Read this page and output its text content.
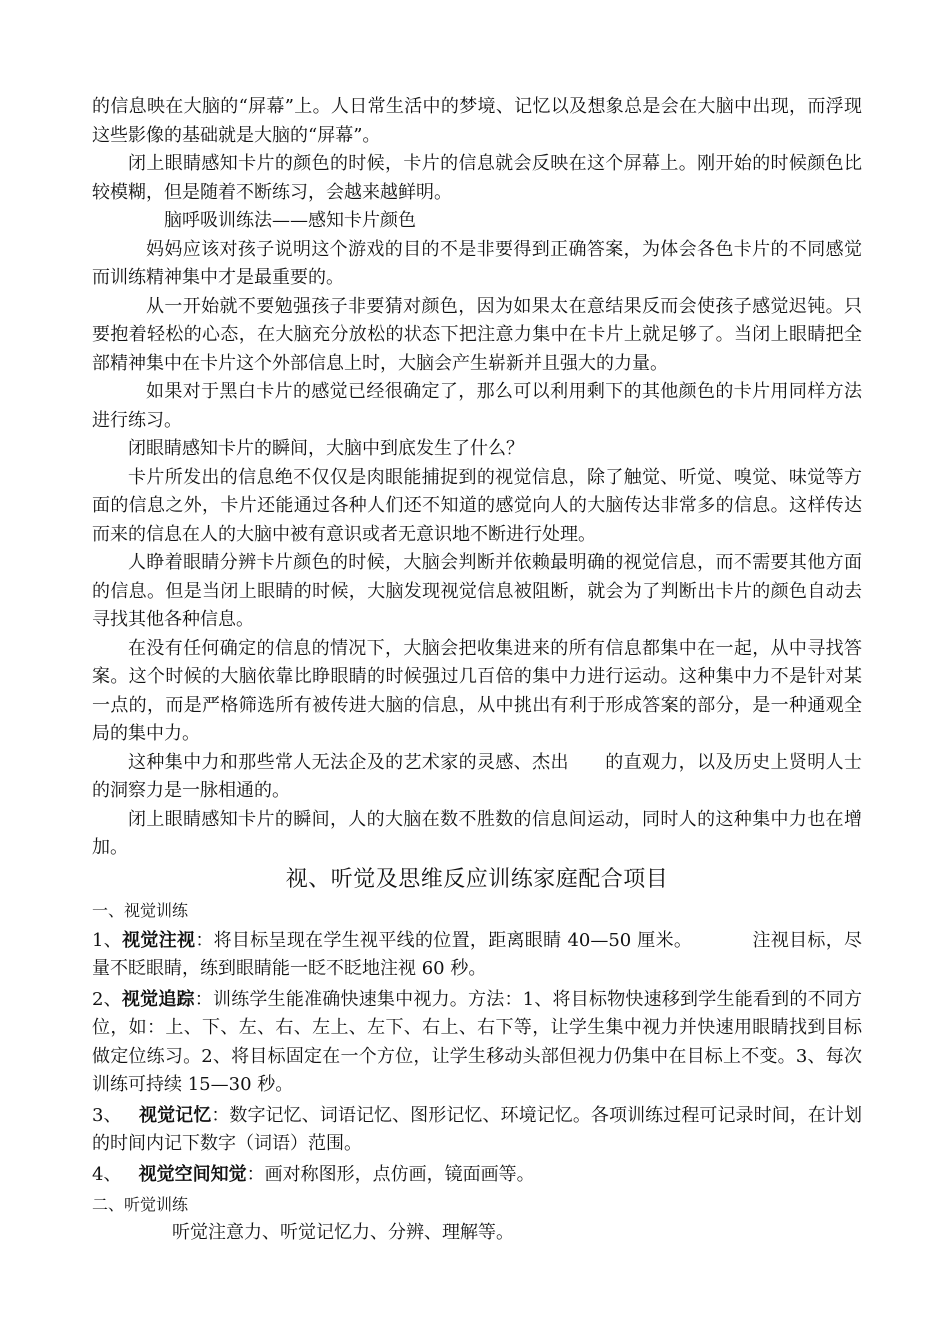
的信息映在大脑的“屏幕”上。人日常生活中的梦境、记忆以及想象总是会在大脑中出现，而浮现这些影像的基础就是大脑的“屏幕”。

闭上眼睛感知卡片的颜色的时候，卡片的信息就会反映在这个屏幕上。刚开始的时候颜色比较模糊，但是随着不断练习，会越来越鲜明。

脑呼吸训练法——感知卡片颜色

妈妈应该对孩子说明这个游戏的目的不是非要得到正确答案，为体会各色卡片的不同感觉而训练精神集中才是最重要的。

从一开始就不要勉强孩子非要猜对颜色，因为如果太在意结果反而会使孩子感觉迟钝。只要抱着轻松的心态，在大脑充分放松的状态下把注意力集中在卡片上就足够了。当闭上眼睛把全部精神集中在卡片这个外部信息上时，大脑会产生崭新并且强大的力量。

如果对于黑白卡片的感觉已经很确定了，那么可以利用剩下的其他颜色的卡片用同样方法进行练习。

闭眼睛感知卡片的瞬间，大脑中到底发生了什么？

卡片所发出的信息绝不仅仅是肉眼能捕捉到的视觉信息，除了触觉、听觉、嗅觉、味觉等方面的信息之外，卡片还能通过各种人们还不知道的感觉向人的大脑传达非常多的信息。这样传达而来的信息在人的大脑中被有意识或者无意识地不断进行处理。

人睁着眼睛分辨卡片颜色的时候，大脑会判断并依赖最明确的视觉信息，而不需要其他方面的信息。但是当闭上眼睛的时候，大脑发现视觉信息被阻断，就会为了判断出卡片的颜色自动去寻找其他各种信息。

在没有任何确定的信息的情况下，大脑会把收集进来的所有信息都集中在一起，从中寻找答案。这个时候的大脑依靠比睁眼睛的时候强过几百倍的集中力进行运动。这种集中力不是针对某一点的，而是严格筛选所有被传进大脑的信息，从中挑出有利于形成答案的部分，是一种通观全局的集中力。

这种集中力和那些常人无法企及的艺术家的灵感、杰出 的直观力，以及历史上贤明人士的洞察力是一脉相通的。

闭上眼睛感知卡片的瞬间，人的大脑在数不胜数的信息间运动，同时人的这种集中力也在增加。

视、听觉及思维反应训练家庭配合项目

一、视觉训练

1、视觉注视：将目标呈现在学生视平线的位置，距离眼睛 40—50 厘米。	注视目标，尽量不眨眼睛，练到眼睛能一眨不眨地注视 60 秒。

2、视觉追踪：训练学生能准确快速集中视力。方法：1、将目标物快速移到学生能看到的不同方位，如：上、下、左、右、左上、左下、右上、右下等，让学生集中视力并快速用眼睛找到目标做定位练习。2、将目标固定在一个方位，让学生移动头部但视力仍集中在目标上不变。3、每次训练可持续 15—30 秒。

3、 视觉记忆：数字记忆、词语记忆、图形记忆、环境记忆。各项训练过程可记录时间，在计划的时间内记下数字（词语）范围。

4、 视觉空间知觉：画对称图形，点仿画，镜面画等。

二、听觉训练

听觉注意力、听觉记忆力、分辨、理解等。
